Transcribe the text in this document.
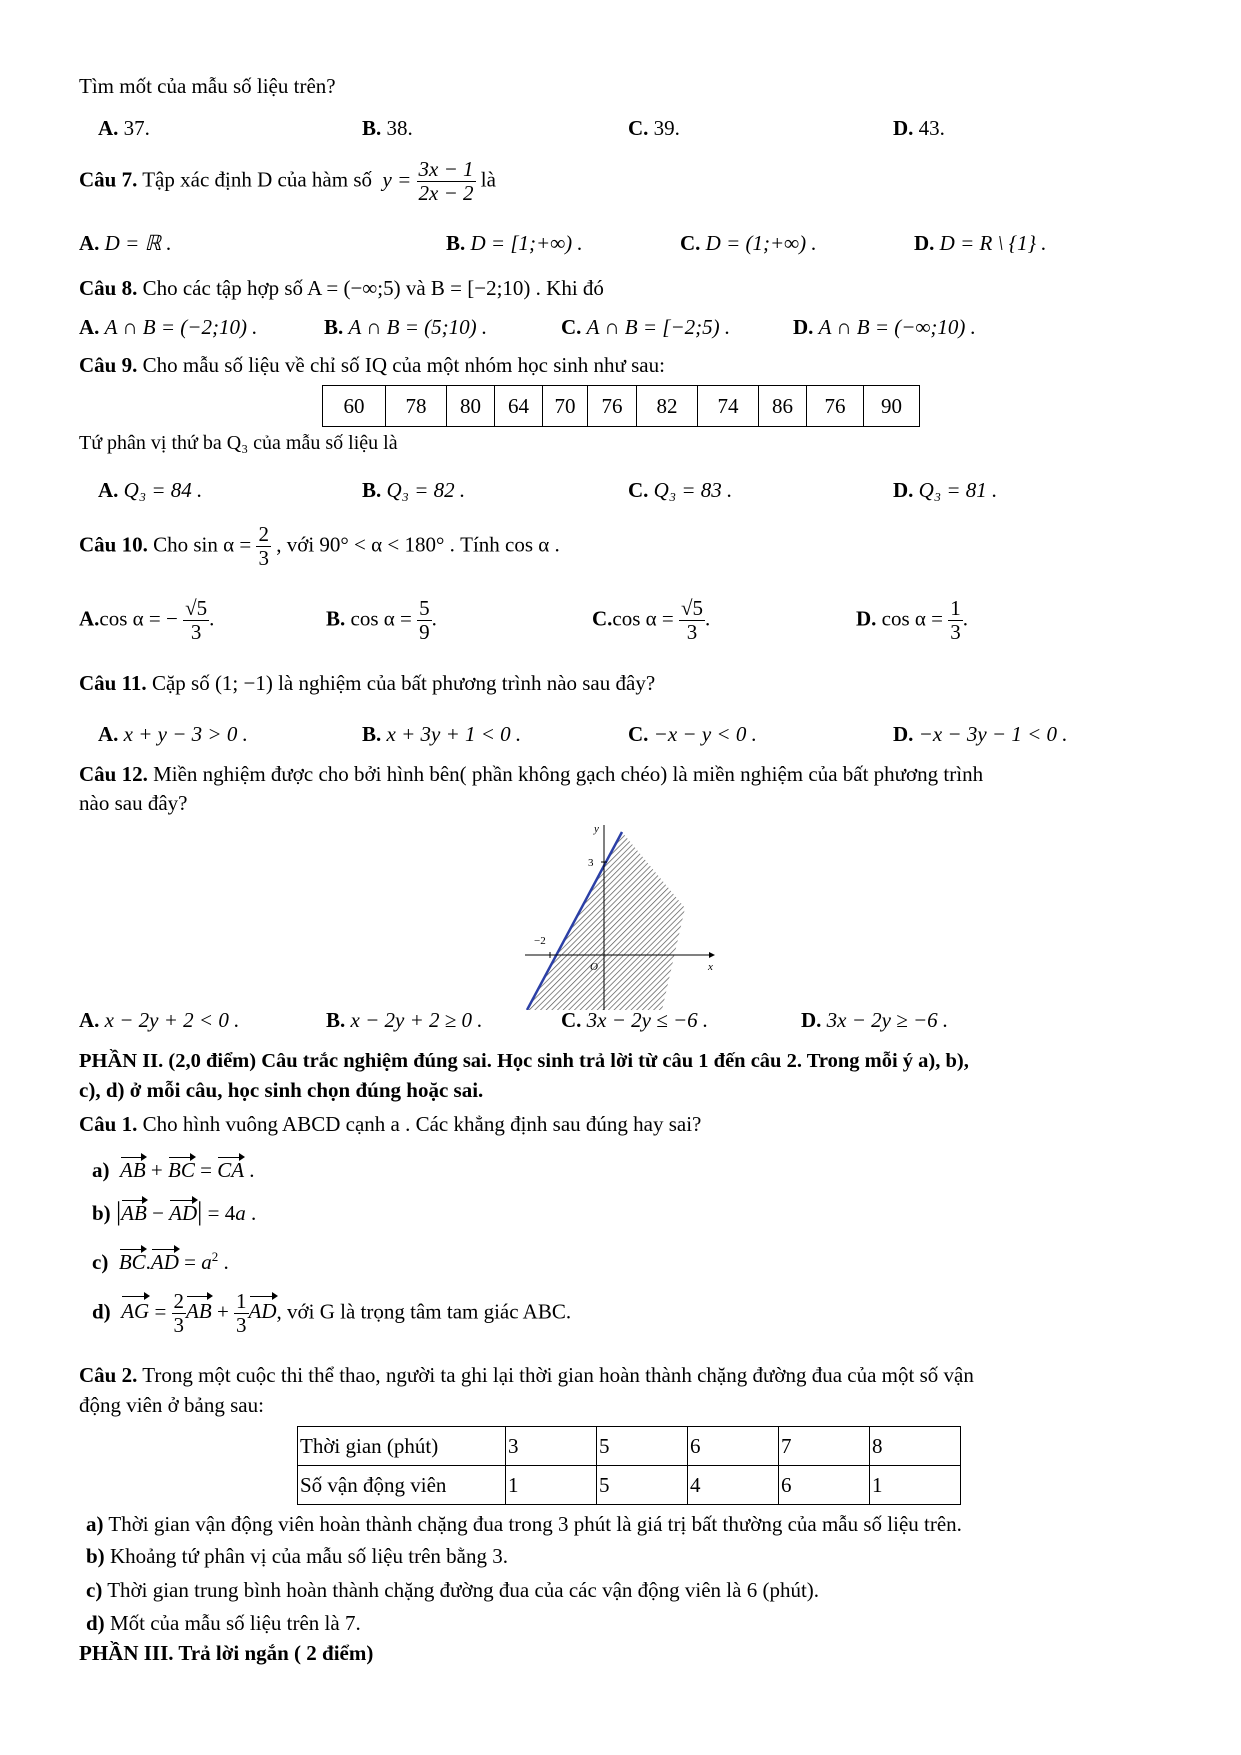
Tìm mốt của mẫu số liệu trên?
A. 37.	B. 38.	C. 39.	D. 43.
Câu 7. Tập xác định D của hàm số  $y = \frac{3x - 1}{2x - 2}$ là
A. D = ℝ .	B. D = [1;+∞) .	C. D = (1;+∞) .	D. D = R \ {1} .
Câu 8. Cho các tập hợp số A = (−∞;5) và B = [−2;10) . Khi đó
A. A ∩ B = (−2;10) .	B. A ∩ B = (5;10) .	C. A ∩ B = [−2;5) .	D. A ∩ B = (−∞;10) .
Câu 9. Cho mẫu số liệu về chỉ số IQ của một nhóm học sinh như sau:
60	78	80	64	70	76	82	74	86	76	90
Tứ phân vị thứ ba Q₃ của mẫu số liệu là
A. Q₃ = 84 .	B. Q₃ = 82 .	C. Q₃ = 83 .	D. Q₃ = 81 .
Câu 10. Cho $\sin \alpha = \frac{2}{3}$ , với 90° < α < 180° . Tính cos α .
A.cos α = − $\frac{√5}{3}$ .	B. $\cos \alpha = \frac{5}{9}$ .	C.cos $\alpha = \frac{√5}{3}$ .	D. $\cos \alpha = \frac{1}{3}$ .
Câu 11. Cặp số (1; −1) là nghiệm của bất phương trình nào sau đây?
A. x + y − 3 > 0 .	B. x + 3y + 1 < 0 .	C. −x − y < 0 .	D. −x − 3y − 1 < 0 .
Câu 12. Miền nghiệm được cho bởi hình bên( phần không gạch chéo) là miền nghiệm của bất phương trình
nào sau đây?
y
3
−2
O	x
A. x − 2y + 2 < 0 .	B. x − 2y + 2 ≥ 0 .	C. 3x − 2y ≤ −6 .	D. 3x − 2y ≥ −6 .
PHẦN II. (2,0 điểm) Câu trắc nghiệm đúng sai. Học sinh trả lời từ câu 1 đến câu 2. Trong mỗi ý a), b),
c), d) ở mỗi câu, học sinh chọn đúng hoặc sai.
Câu 1. Cho hình vuông ABCD cạnh a . Các khẳng định sau đúng hay sai?
a) AB + BC = CA .
b) |AB − AD| = 4a .
c) $BC.AD = a^2$ .
d) AG = $\frac{2}{3}$ AB + $\frac{1}{3}$ AD, với G là trọng tâm tam giác ABC.
Câu 2. Trong một cuộc thi thể thao, người ta ghi lại thời gian hoàn thành chặng đường đua của một số vận
động viên ở bảng sau:
Thời gian (phút)	3	5	6	7	8
Số vận động viên	1	5	4	6	1
a) Thời gian vận động viên hoàn thành chặng đua trong 3 phút là giá trị bất thường của mẫu số liệu trên.
b) Khoảng tứ phân vị của mẫu số liệu trên bằng 3.
c) Thời gian trung bình hoàn thành chặng đường đua của các vận động viên là 6 (phút).
d) Mốt của mẫu số liệu trên là 7.
PHẦN III. Trả lời ngắn ( 2 điểm)
